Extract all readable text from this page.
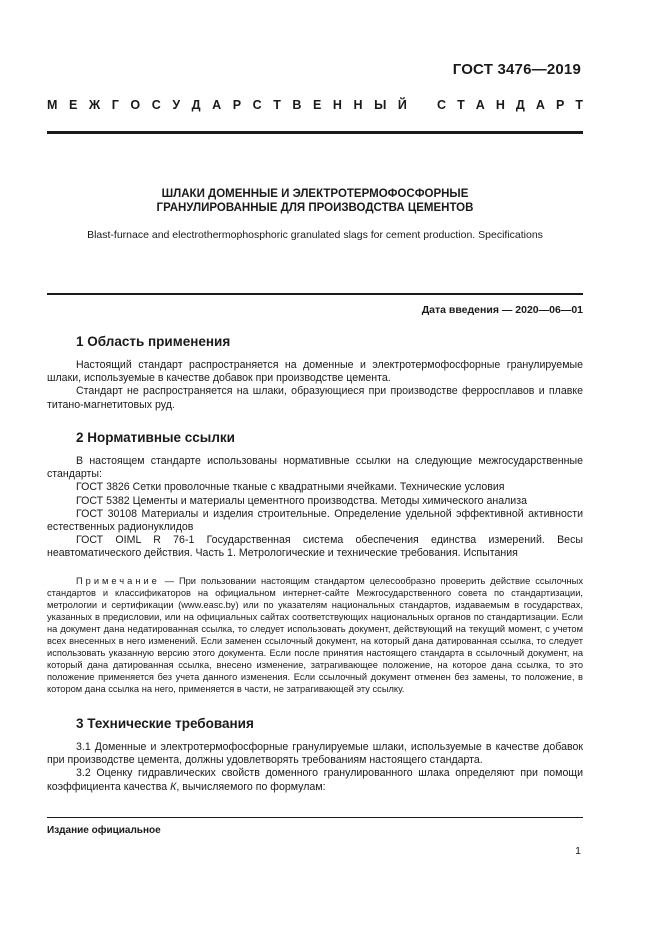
ГОСТ 3476—2019
М Е Ж Г О С У Д А Р С Т В Е Н Н Ы Й С Т А Н Д А Р Т
ШЛАКИ ДОМЕННЫЕ И ЭЛЕКТРОТЕРМОФОСФОРНЫЕ
ГРАНУЛИРОВАННЫЕ ДЛЯ ПРОИЗВОДСТВА ЦЕМЕНТОВ
Blast-furnace and electrothermophosphoric granulated slags for cement production. Specifications
Дата введения — 2020—06—01
1 Область применения
Настоящий стандарт распространяется на доменные и электротермофосфорные гранулируемые шлаки, используемые в качестве добавок при производстве цемента.
Стандарт не распространяется на шлаки, образующиеся при производстве ферросплавов и плавке титано-магнетитовых руд.
2 Нормативные ссылки
В настоящем стандарте использованы нормативные ссылки на следующие межгосударственные стандарты:
ГОСТ 3826 Сетки проволочные тканые с квадратными ячейками. Технические условия
ГОСТ 5382 Цементы и материалы цементного производства. Методы химического анализа
ГОСТ 30108 Материалы и изделия строительные. Определение удельной эффективной активности естественных радионуклидов
ГОСТ OIML R 76-1 Государственная система обеспечения единства измерений. Весы неавтоматического действия. Часть 1. Метрологические и технические требования. Испытания
Примечание — При пользовании настоящим стандартом целесообразно проверить действие ссылочных стандартов и классификаторов на официальном интернет-сайте Межгосударственного совета по стандартизации, метрологии и сертификации (www.easc.by) или по указателям национальных стандартов, издаваемым в государствах, указанных в предисловии, или на официальных сайтах соответствующих национальных органов по стандартизации. Если на документ дана недатированная ссылка, то следует использовать документ, действующий на текущий момент, с учетом всех внесенных в него изменений. Если заменен ссылочный документ, на который дана датированная ссылка, то следует использовать указанную версию этого документа. Если после принятия настоящего стандарта в ссылочный документ, на который дана датированная ссылка, внесено изменение, затрагивающее положение, на которое дана ссылка, то это положение применяется без учета данного изменения. Если ссылочный документ отменен без замены, то положение, в котором дана ссылка на него, применяется в части, не затрагивающей эту ссылку.
3 Технические требования
3.1 Доменные и электротермофосфорные гранулируемые шлаки, используемые в качестве добавок при производстве цемента, должны удовлетворять требованиям настоящего стандарта.
3.2 Оценку гидравлических свойств доменного гранулированного шлака определяют при помощи коэффициента качества К, вычисляемого по формулам:
Издание официальное
1
